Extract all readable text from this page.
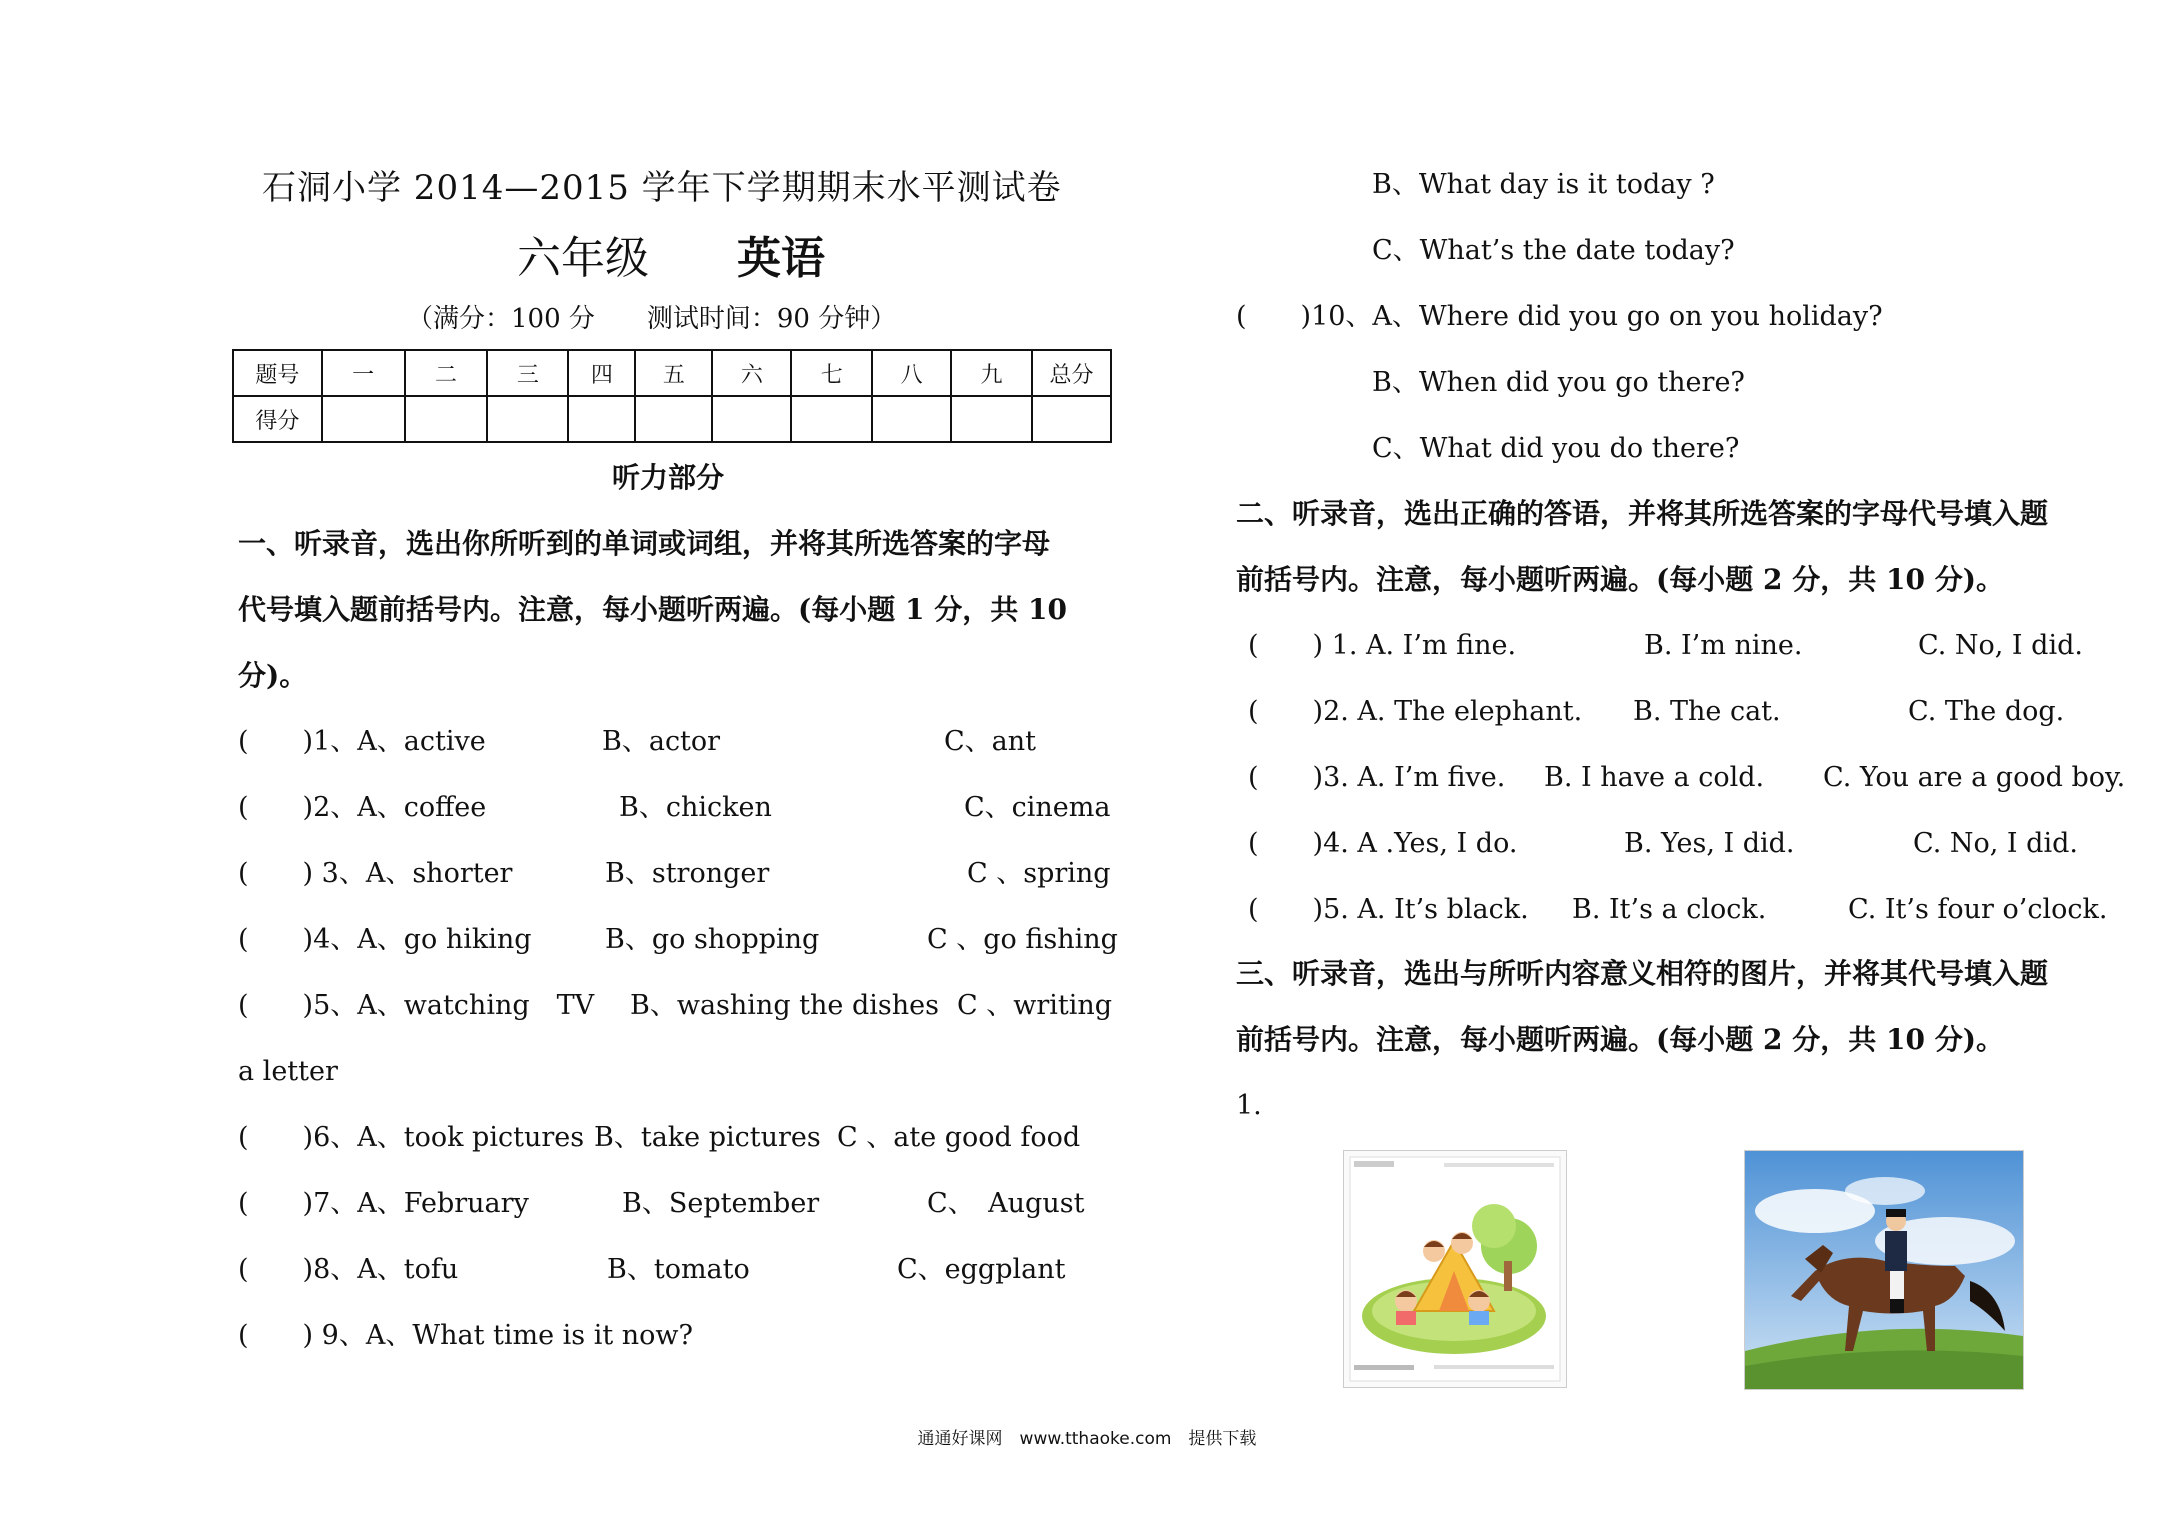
石洞小学 2014—2015 学年下学期期末水平测试卷
六年级 英语
（满分：100 分　　测试时间：90 分钟）
题号	一	二	三	四	五	六	七	八	九	总分
得分										
听力部分
一、听录音，选出你所听到的单词或词组，并将其所选答案的字母
代号填入题前括号内。注意，每小题听两遍。(每小题 1 分，共 10
分)。
(　　)1、A、active	B、actor	C、ant
(　　)2、A、coffee	B、chicken	C、cinema
(　　) 3、A、shorter	B、stronger	C 、spring
(　　)4、A、go hiking	B、go shopping	C 、go fishing
(　　)5、A、watching　TV B、washing the dishes C 、writing
a letter
(　　)6、A、took pictures B、take pictures C 、ate good food
(　　)7、A、February	B、September	C、　August
(　　)8、A、tofu	B、tomato	C、eggplant
(　　) 9、A、What time is it now?
B、What day is it today ?
C、What’s the date today?
(　　)10、A、Where did you go on you holiday?
B、When did you go there?
C、What did you do there?
二、听录音，选出正确的答语，并将其所选答案的字母代号填入题
前括号内。注意，每小题听两遍。(每小题 2 分，共 10 分)。
(　　) 1. A. I’m fine.	B. I’m nine.	C. No, I did.
(　　)2. A. The elephant. B. The cat.	C. The dog.
(　　)3. A. I’m five. B. I have a cold. C. You are a good boy.
(　　)4. A .Yes, I do.	B. Yes, I did.	C. No, I did.
(　　)5. A. It’s black. B. It’s a clock.	C. It’s four o’clock.
三、听录音，选出与所听内容意义相符的图片，并将其代号填入题
前括号内。注意，每小题听两遍。(每小题 2 分，共 10 分)。
1.
通通好课网　www.tthaoke.com　提供下载
